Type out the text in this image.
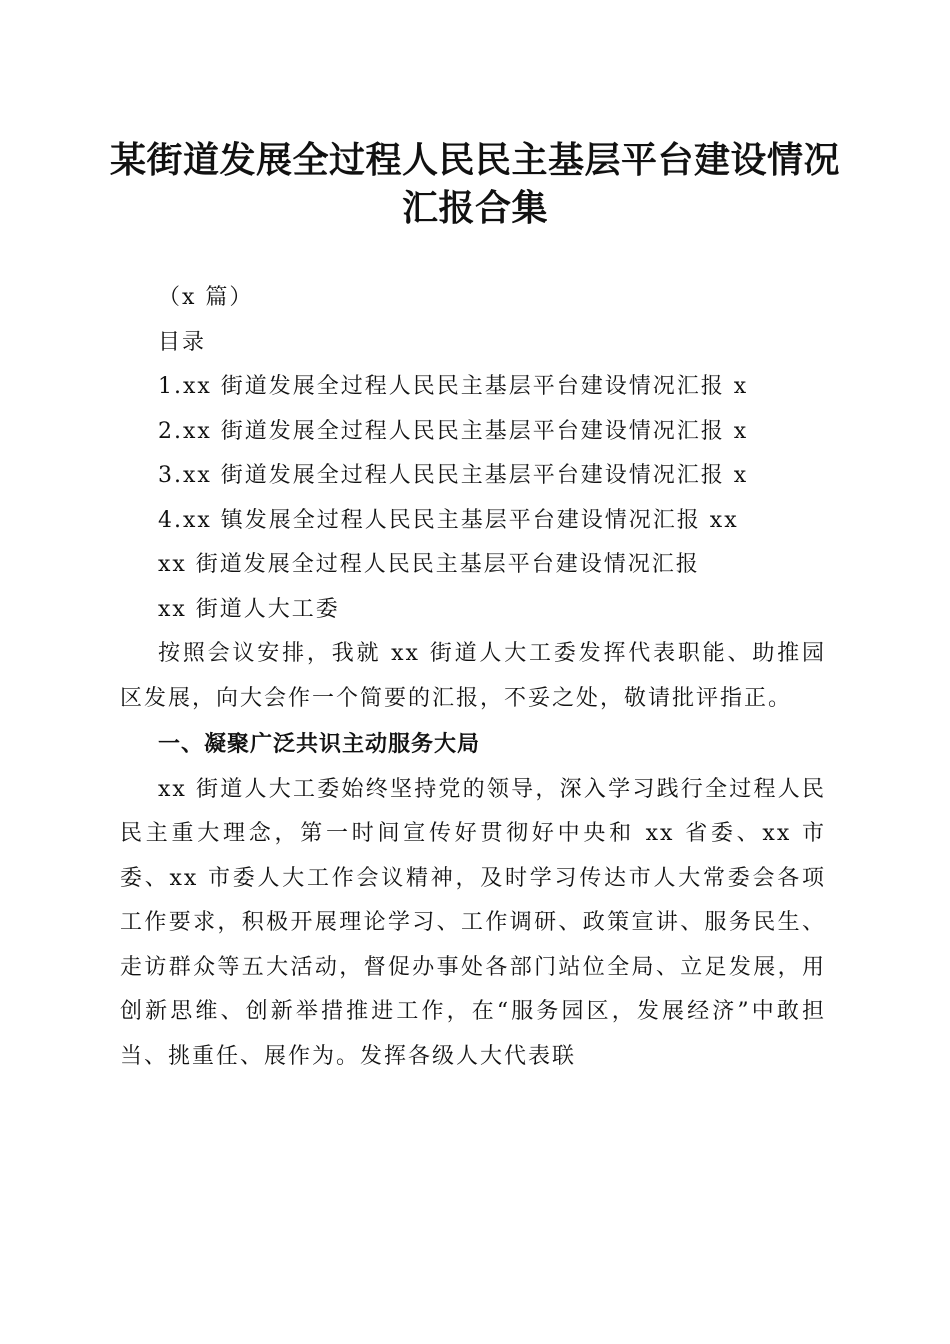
某街道发展全过程人民民主基层平台建设情况
汇报合集

（x 篇）

目录

1.xx 街道发展全过程人民民主基层平台建设情况汇报 x

2.xx 街道发展全过程人民民主基层平台建设情况汇报 x

3.xx 街道发展全过程人民民主基层平台建设情况汇报 x

4.xx 镇发展全过程人民民主基层平台建设情况汇报 xx

xx 街道发展全过程人民民主基层平台建设情况汇报

xx 街道人大工委

按照会议安排，我就 xx 街道人大工委发挥代表职能、助推园区发展，向大会作一个简要的汇报，不妥之处，敬请批评指正。

一、凝聚广泛共识主动服务大局

xx 街道人大工委始终坚持党的领导，深入学习践行全过程人民民主重大理念，第一时间宣传好贯彻好中央和 xx 省委、xx 市委、xx 市委人大工作会议精神，及时学习传达市人大常委会各项工作要求，积极开展理论学习、工作调研、政策宣讲、服务民生、走访群众等五大活动，督促办事处各部门站位全局、立足发展，用创新思维、创新举措推进工作，在“服务园区，发展经济”中敢担当、挑重任、展作为。发挥各级人大代表联
